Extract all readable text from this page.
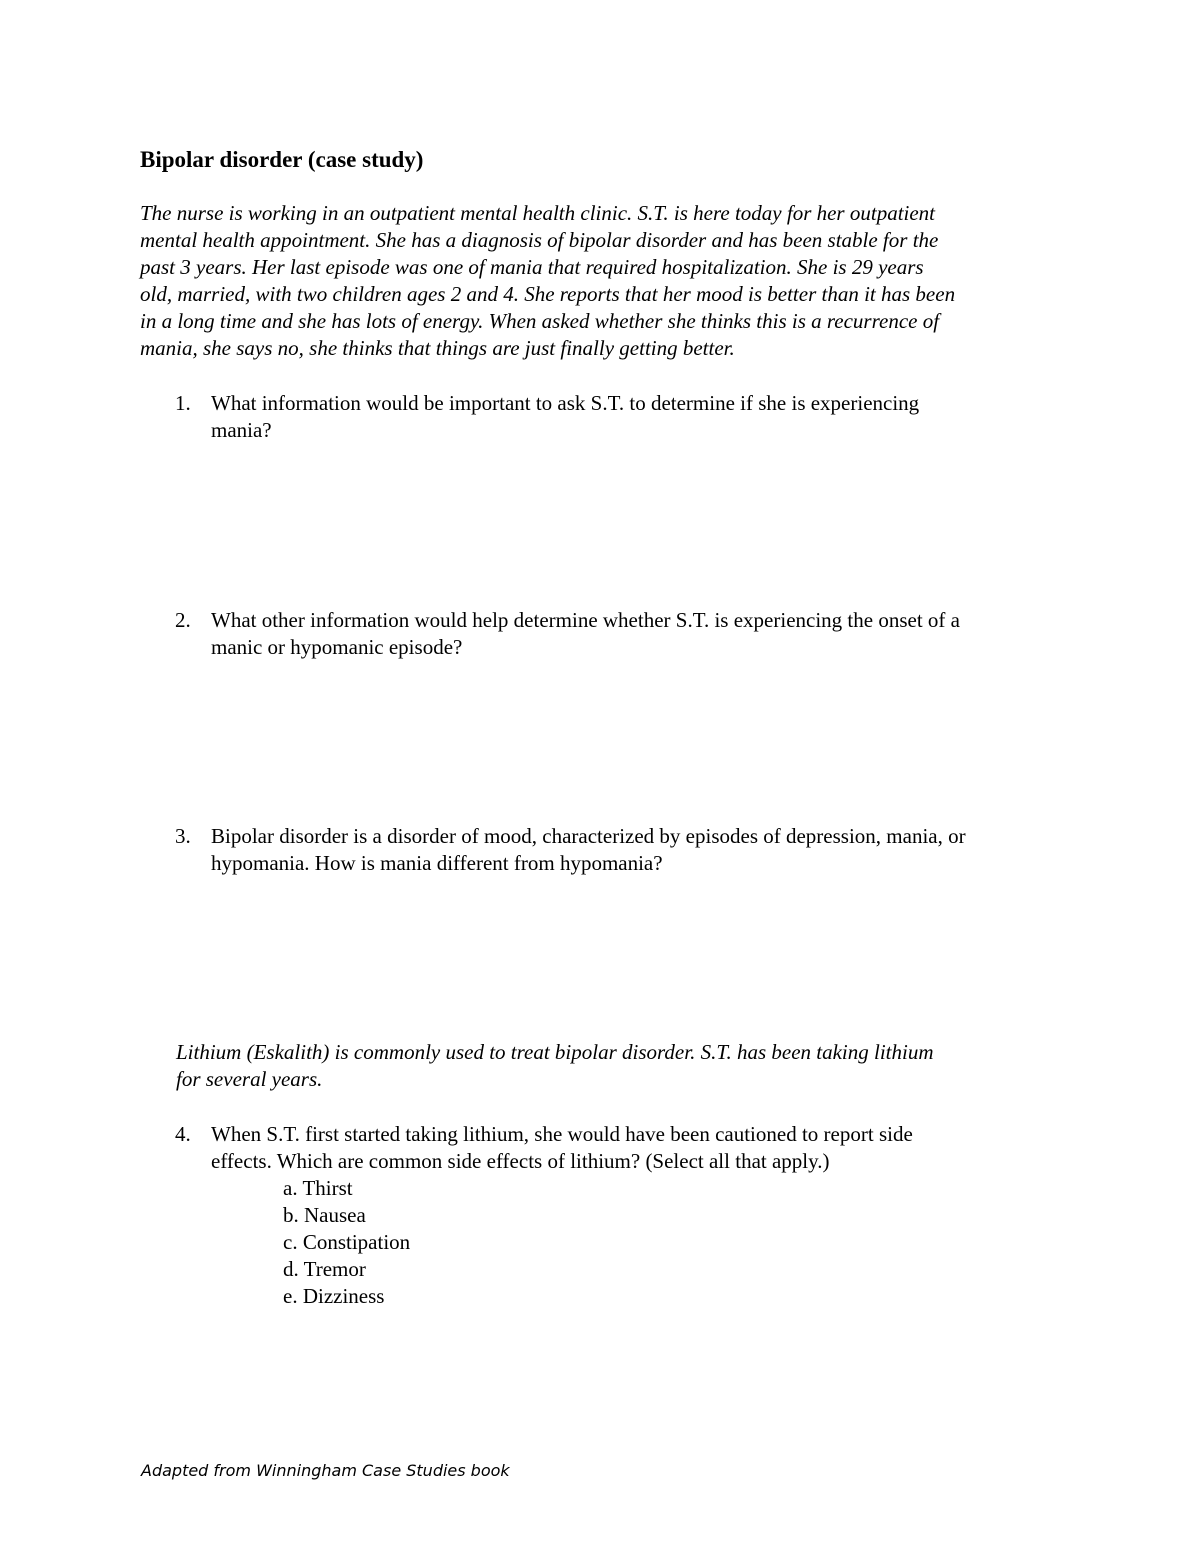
Bipolar disorder (case study)
The nurse is working in an outpatient mental health clinic. S.T. is here today for her outpatient
mental health appointment. She has a diagnosis of bipolar disorder and has been stable for the
past 3 years. Her last episode was one of mania that required hospitalization. She is 29 years
old, married, with two children ages 2 and 4. She reports that her mood is better than it has been
in a long time and she has lots of energy. When asked whether she thinks this is a recurrence of
mania, she says no, she thinks that things are just finally getting better.
1. What information would be important to ask S.T. to determine if she is experiencing
mania?
2. What other information would help determine whether S.T. is experiencing the onset of a
manic or hypomanic episode?
3. Bipolar disorder is a disorder of mood, characterized by episodes of depression, mania, or
hypomania. How is mania different from hypomania?
Lithium (Eskalith) is commonly used to treat bipolar disorder. S.T. has been taking lithium
for several years.
4. When S.T. first started taking lithium, she would have been cautioned to report side
effects. Which are common side effects of lithium? (Select all that apply.)
a. Thirst
b. Nausea
c. Constipation
d. Tremor
e. Dizziness
Adapted from Winningham Case Studies book
